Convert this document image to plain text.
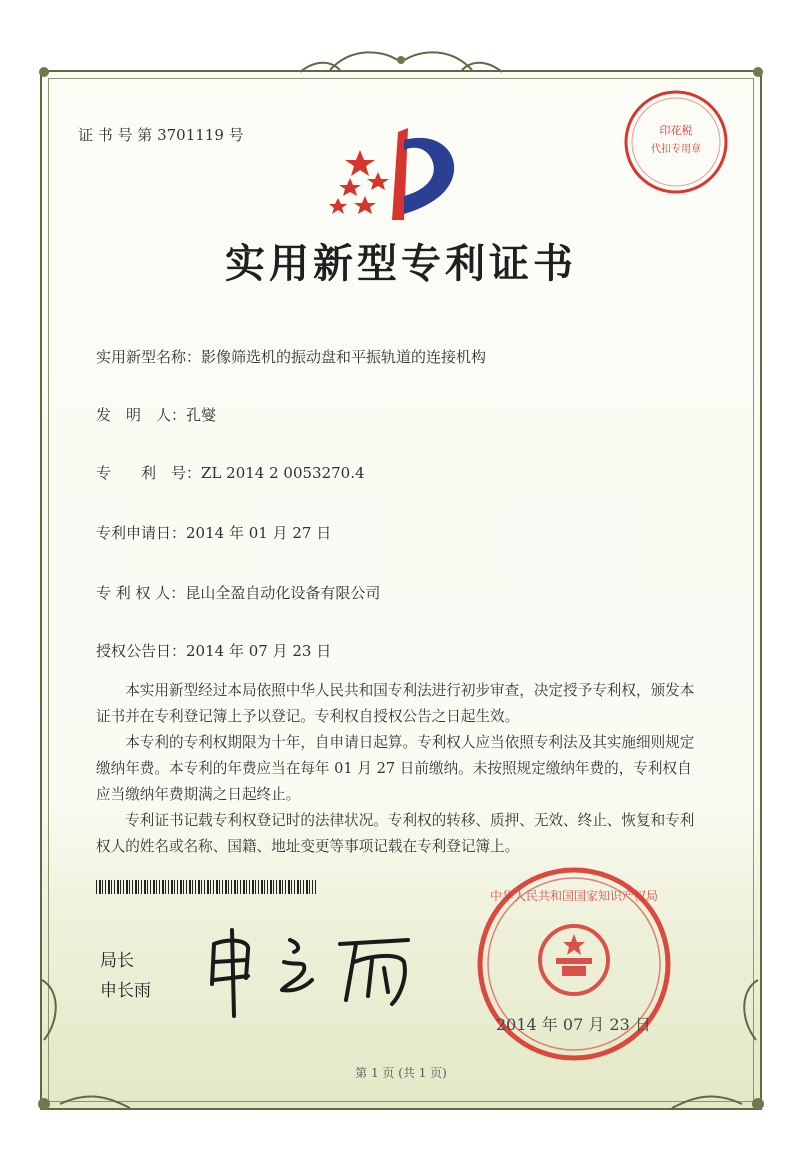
印花税
代扣专用章
证 书 号 第 3701119 号
实用新型专利证书
实用新型名称：影像筛选机的振动盘和平振轨道的连接机构
发　明　人：孔燮
专　　利　号：ZL 2014 2 0053270.4
专利申请日：2014 年 01 月 27 日
专 利 权 人：昆山全盈自动化设备有限公司
授权公告日：2014 年 07 月 23 日

本实用新型经过本局依照中华人民共和国专利法进行初步审查，决定授予专利权，颁发本证书并在专利登记簿上予以登记。专利权自授权公告之日起生效。

本专利的专利权期限为十年，自申请日起算。专利权人应当依照专利法及其实施细则规定缴纳年费。本专利的年费应当在每年 01 月 27 日前缴纳。未按照规定缴纳年费的，专利权自应当缴纳年费期满之日起终止。

专利证书记载专利权登记时的法律状况。专利权的转移、质押、无效、终止、恢复和专利权人的姓名或名称、国籍、地址变更等事项记载在专利登记簿上。

局长
申长雨
中华人民共和国国家知识产权局
2014 年 07 月 23 日
第 1 页 (共 1 页)
